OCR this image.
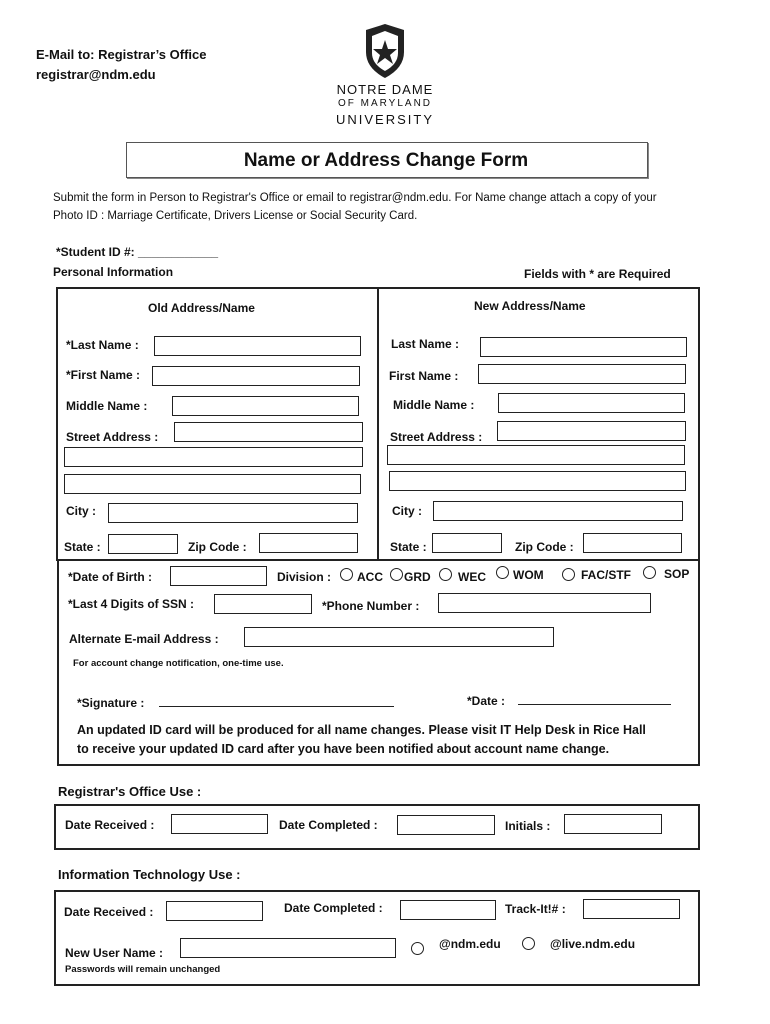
E-Mail to: Registrar’s Office
registrar@ndm.edu
NOTRE DAME
OF MARYLAND
UNIVERSITY
Name or Address Change Form
Submit the form in Person to Registrar's Office or email to registrar@ndm.edu. For Name change attach a copy of your
Photo ID : Marriage Certificate, Drivers License or Social Security Card.
*Student ID #: ____________
Personal Information	Fields with * are Required
Old Address/Name
*Last Name :
*First Name :
Middle Name :
Street Address :
City :
State :	Zip Code :
New Address/Name
Last Name :
First Name :
Middle Name :
Street Address :
City :
State :	Zip Code :
*Date of Birth :	Division : ACC GRD WEC WOM	FAC/STF	SOP
*Last 4 Digits of SSN :	*Phone Number :
Alternate E-mail Address :
For account change notification, one-time use.
*Signature :	*Date :
An updated ID card will be produced for all name changes. Please visit IT Help Desk in Rice Hall
to receive your updated ID card after you have been notified about account name change.
Registrar's Office Use :
Date Received :	Date Completed :	Initials :
Information Technology Use :
Date Received :	Date Completed :	Track-It!# :
New User Name :
@ndm.edu	@live.ndm.edu
Passwords will remain unchanged
